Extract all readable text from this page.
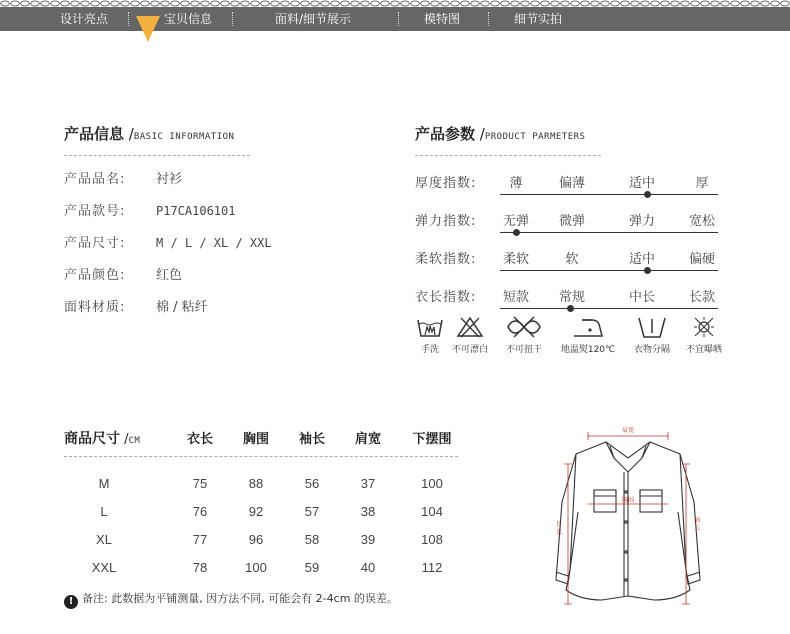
设计亮点	宝贝信息	面料/细节展示	模特图	细节实拍
产品信息 /BASIC INFORMATION
产品品名: 衬衫
产品款号:	P17CA106101
产品尺寸:	M / L / XL / XXL
产品颜色: 红色
面料材质: 棉 / 粘纤
产品参数 /PRODUCT PARMETERS
厚度指数:	薄	偏薄	适中	厚
弹力指数:	无弹	微弹	弹力	宽松
柔软指数:	柔软	软	适中	偏硬
衣长指数:	短款	常规	中长	长款
手洗	不可漂白	不可扭干	地温熨120℃	衣物分隔	不宜曝晒
商品尺寸 /CM	衣长	胸围	袖长	肩宽	下摆围
M	75	88	56	37	100
L	76	92	57	38	104
XL	77	96	58	39	108
XXL	78	100	59	40	112
! 备注: 此数据为平铺测量, 因方法不同, 可能会有 2-4cm 的误差。
肩宽
胸围
长
衣
袖
长
